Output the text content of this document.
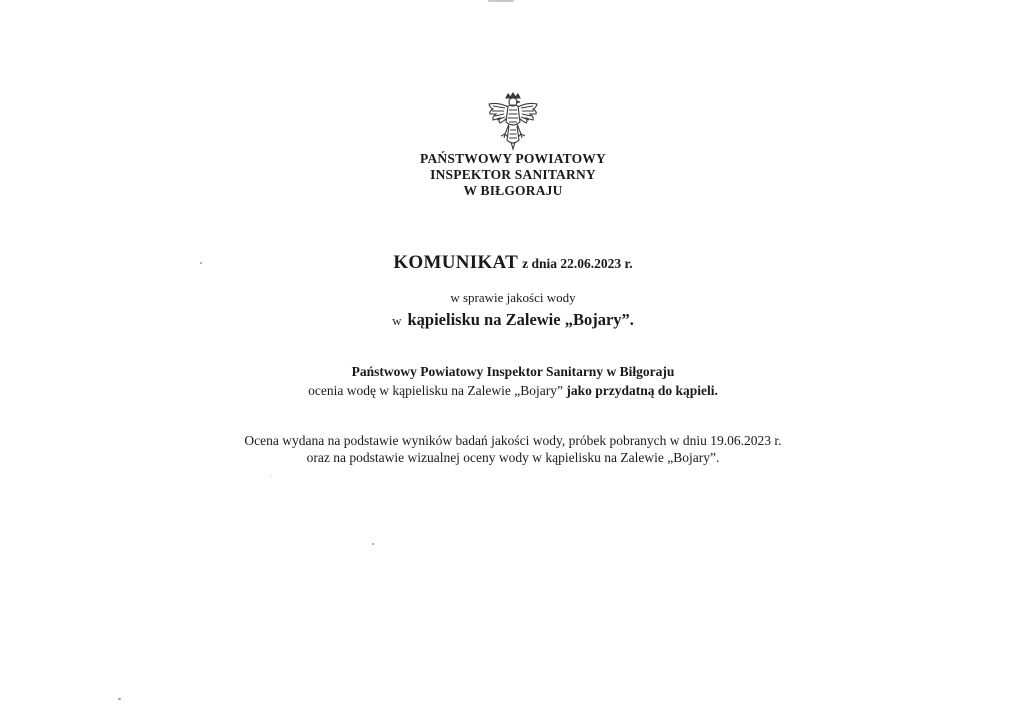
PAŃSTWOWY POWIATOWY
INSPEKTOR SANITARNY
W BIŁGORAJU
KOMUNIKAT z dnia 22.06.2023 r.
w sprawie jakości wody
w kąpielisku na Zalewie „Bojary”.
Państwowy Powiatowy Inspektor Sanitarny w Biłgoraju
ocenia wodę w kąpielisku na Zalewie „Bojary” jako przydatną do kąpieli.
Ocena wydana na podstawie wyników badań jakości wody, próbek pobranych w dniu 19.06.2023 r.
oraz na podstawie wizualnej oceny wody w kąpielisku na Zalewie „Bojary”.
